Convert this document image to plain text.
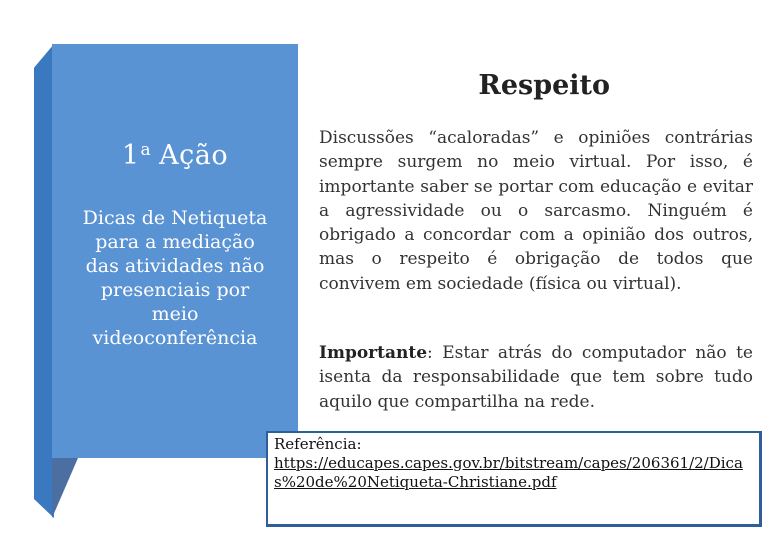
1$^a$ Ação
Dicas de Netiqueta
para a mediação
das atividades não
presenciais por
meio
videoconferência
Respeito

Discussões “acaloradas” e opiniões contrárias sempre surgem no meio virtual. Por isso, é importante saber se portar com educação e evitar a agressividade ou o sarcasmo. Ninguém é obrigado a concordar com a opinião dos outros, mas o respeito é obrigação de todos que convivem em sociedade (física ou virtual).

Importante: Estar atrás do computador não te isenta da responsabilidade que tem sobre tudo aquilo que compartilha na rede.

Referência:
https://educapes.capes.gov.br/bitstream/capes/206361/2/Dicas%20de%20Netiqueta-Christiane.pdf
